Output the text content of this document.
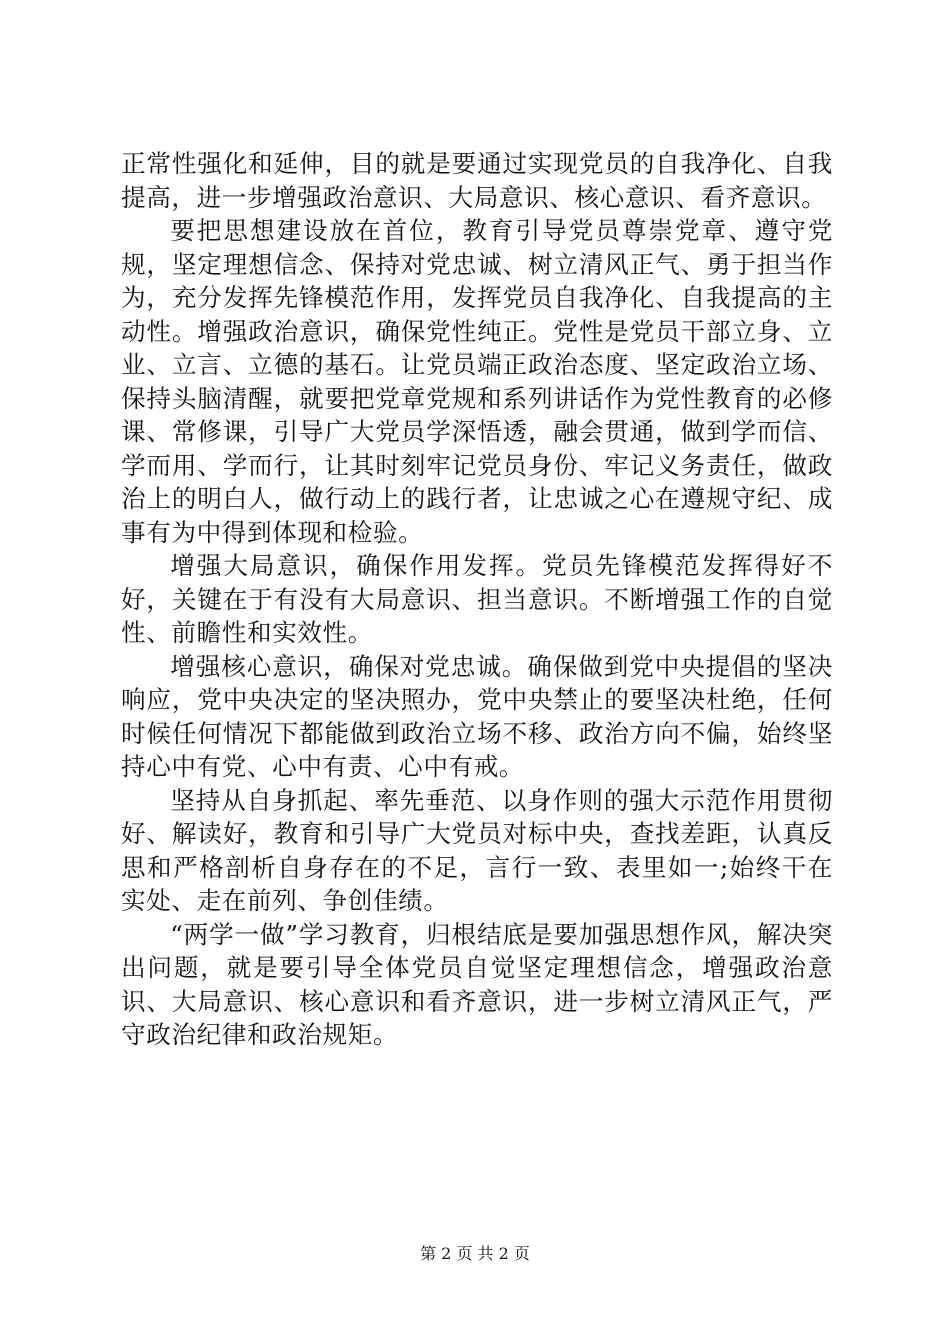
正常性强化和延伸，目的就是要通过实现党员的自我净化、自我提高，进一步增强政治意识、大局意识、核心意识、看齐意识。

要把思想建设放在首位，教育引导党员尊崇党章、遵守党规，坚定理想信念、保持对党忠诚、树立清风正气、勇于担当作为，充分发挥先锋模范作用，发挥党员自我净化、自我提高的主动性。增强政治意识，确保党性纯正。党性是党员干部立身、立业、立言、立德的基石。让党员端正政治态度、坚定政治立场、保持头脑清醒，就要把党章党规和系列讲话作为党性教育的必修课、常修课，引导广大党员学深悟透，融会贯通，做到学而信、学而用、学而行，让其时刻牢记党员身份、牢记义务责任，做政治上的明白人，做行动上的践行者，让忠诚之心在遵规守纪、成事有为中得到体现和检验。

增强大局意识，确保作用发挥。党员先锋模范发挥得好不好，关键在于有没有大局意识、担当意识。不断增强工作的自觉性、前瞻性和实效性。

增强核心意识，确保对党忠诚。确保做到党中央提倡的坚决响应，党中央决定的坚决照办，党中央禁止的要坚决杜绝，任何时候任何情况下都能做到政治立场不移、政治方向不偏，始终坚持心中有党、心中有责、心中有戒。

坚持从自身抓起、率先垂范、以身作则的强大示范作用贯彻好、解读好，教育和引导广大党员对标中央，查找差距，认真反思和严格剖析自身存在的不足，言行一致、表里如一;始终干在实处、走在前列、争创佳绩。

“两学一做”学习教育，归根结底是要加强思想作风，解决突出问题，就是要引导全体党员自觉坚定理想信念，增强政治意识、大局意识、核心意识和看齐意识，进一步树立清风正气，严守政治纪律和政治规矩。

第 2 页 共 2 页
